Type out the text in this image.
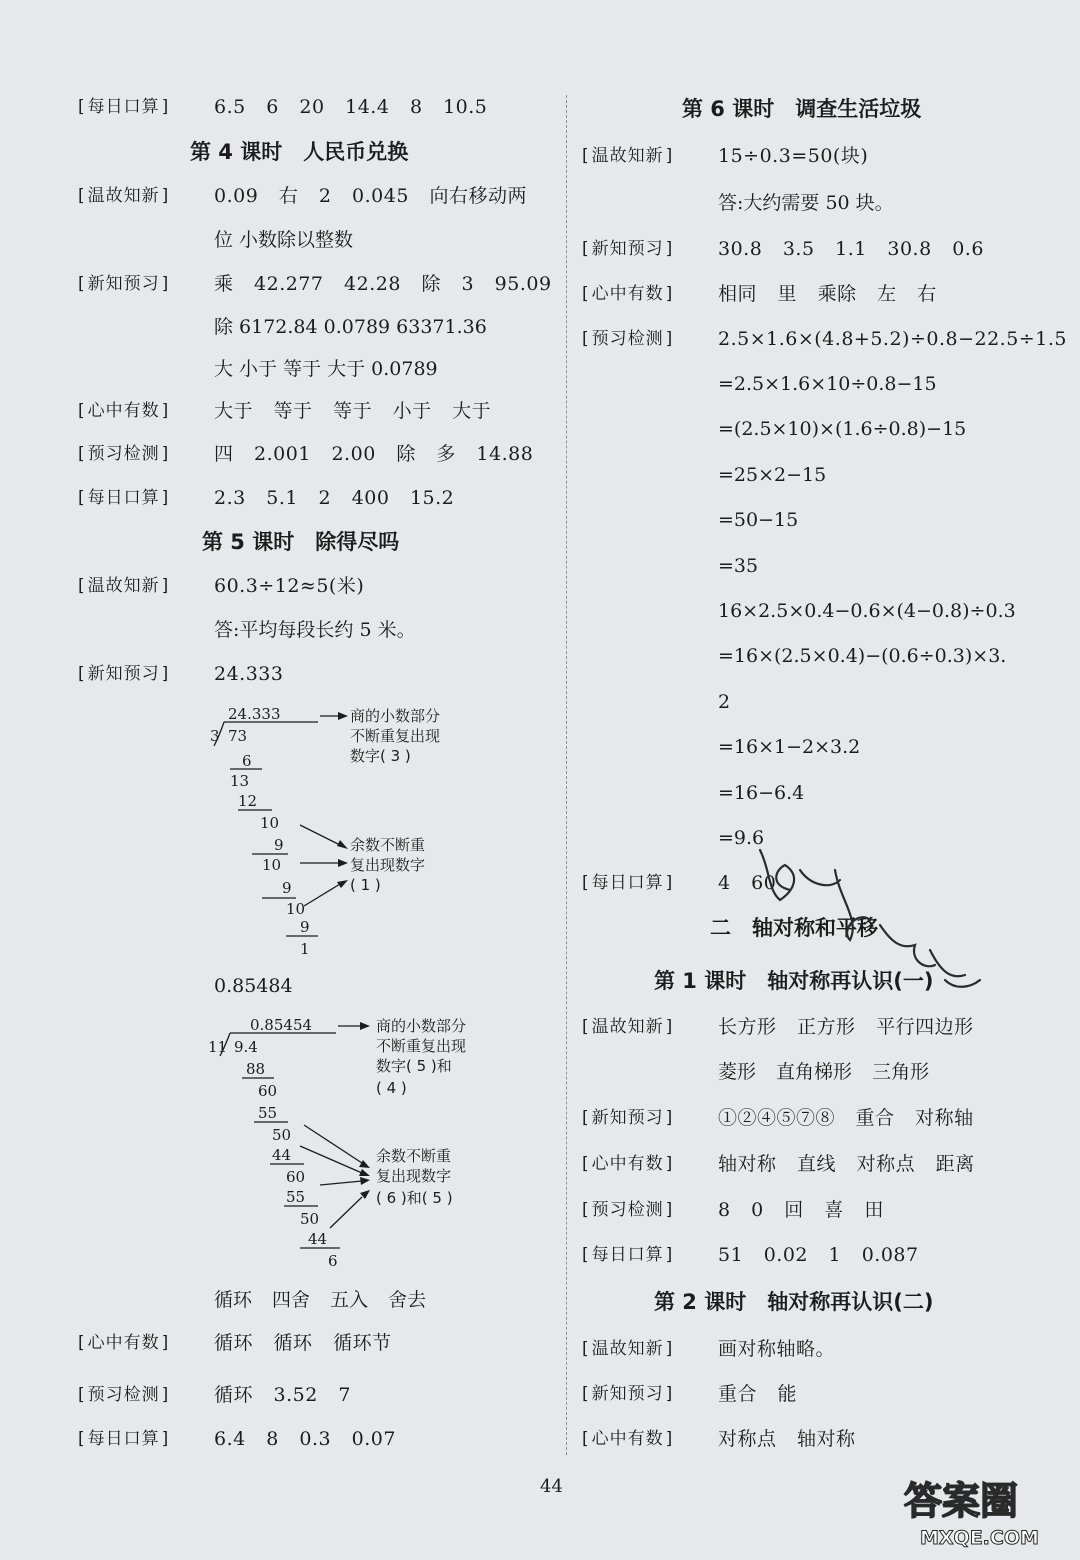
[ 每日口算 ]	6.5 6 20 14.4 8 10.5
第 4 课时　人民币兑换
[ 温故知新 ]	0.09 右 2 0.045 向右移动两
位 小数除以整数
[ 新知预习 ]	乘 42.277 42.28 除 3 95.09
除 6172.84 0.0789 63371.36
大 小于 等于 大于 0.0789
[ 心中有数 ]	大于 等于 等于 小于 大于
[ 预习检测 ]	四 2.001 2.00 除 多 14.88
[ 每日口算 ]	2.3 5.1 2 400 15.2
第 5 课时　除得尽吗
[ 温故知新 ]	60.3÷12≈5(米)
答:平均每段长约 5 米。
[ 新知预习 ]	24.333
24.333
3 73
6
13
12
10
9
10
9
10
9
1
商的小数部分
不断重复出现
数字( 3 )
余数不断重
复出现数字
( 1 )
0.85484
0.85454
11 9.4
88
60
55
50
44
60
55
50
44
6
商的小数部分
不断重复出现
数字( 5 )和
( 4 )
余数不断重
复出现数字
( 6 )和( 5 )
循环 四舍 五入 舍去
[ 心中有数 ]	循环 循环 循环节
[ 预习检测 ]	循环 3.52 7
[ 每日口算 ]	6.4 8 0.3 0.07
第 6 课时　调查生活垃圾
[ 温故知新 ]	15÷0.3=50(块)
答:大约需要 50 块。
[ 新知预习 ]	30.8 3.5 1.1 30.8 0.6
[ 心中有数 ]	相同 里 乘除 左 右
[ 预习检测 ]	2.5×1.6×(4.8+5.2)÷0.8−22.5÷1.5
=2.5×1.6×10÷0.8−15
=(2.5×10)×(1.6÷0.8)−15
=25×2−15
=50−15
=35
16×2.5×0.4−0.6×(4−0.8)÷0.3
=16×(2.5×0.4)−(0.6÷0.3)×3.
2
=16×1−2×3.2
=16−6.4
=9.6
[ 每日口算 ]	4 60
二　轴对称和平移
第 1 课时　轴对称再认识(一)
[ 温故知新 ]	长方形 正方形 平行四边形
菱形 直角梯形 三角形
[ 新知预习 ]	①②④⑤⑦⑧ 重合 对称轴
[ 心中有数 ]	轴对称 直线 对称点 距离
[ 预习检测 ]	8 0 回 喜 田
[ 每日口算 ]	51 0.02 1 0.087
第 2 课时　轴对称再认识(二)
[ 温故知新 ]	画对称轴略。
[ 新知预习 ]	重合 能
[ 心中有数 ]	对称点 轴对称
44	答案圈
MXQE.COM
